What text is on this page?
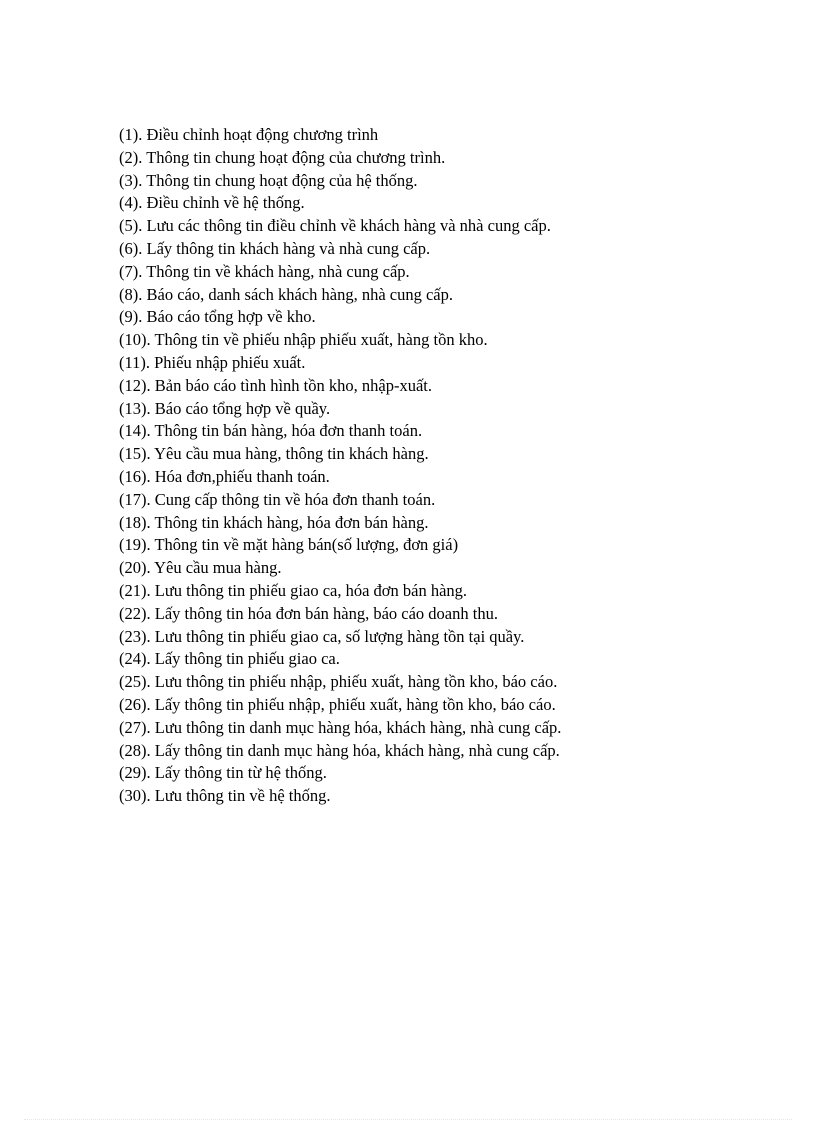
(1). Điều chỉnh hoạt động chương trình
(2). Thông tin chung hoạt động của chương trình.
(3). Thông tin chung hoạt động của hệ thống.
(4). Điều chỉnh về hệ thống.
(5). Lưu các thông tin điều chỉnh về khách hàng và nhà cung cấp.
(6). Lấy thông tin khách hàng và nhà cung cấp.
(7). Thông tin về khách hàng, nhà cung cấp.
(8). Báo cáo, danh sách khách hàng, nhà cung cấp.
(9). Báo cáo tổng hợp về kho.
(10). Thông tin về phiếu nhập phiếu xuất, hàng tồn kho.
(11). Phiếu nhập phiếu xuất.
(12). Bản báo cáo tình hình tồn kho, nhập-xuất.
(13). Báo cáo tổng hợp về quầy.
(14). Thông tin bán hàng, hóa đơn thanh toán.
(15). Yêu cầu mua hàng, thông tin khách hàng.
(16). Hóa đơn,phiếu thanh toán.
(17). Cung cấp thông tin về hóa đơn thanh toán.
(18). Thông tin khách hàng, hóa đơn bán hàng.
(19). Thông tin về mặt hàng bán(số lượng, đơn giá)
(20). Yêu cầu mua hàng.
(21). Lưu thông tin phiếu giao ca, hóa đơn bán hàng.
(22). Lấy thông tin hóa đơn bán hàng, báo cáo doanh thu.
(23). Lưu thông tin phiếu giao ca, số lượng hàng tồn tại quầy.
(24). Lấy thông tin phiếu giao ca.
(25). Lưu thông tin phiếu nhập, phiếu xuất, hàng tồn kho, báo cáo.
(26). Lấy thông tin phiếu nhập, phiếu xuất, hàng tồn kho, báo cáo.
(27). Lưu thông tin danh mục hàng hóa, khách hàng, nhà cung cấp.
(28). Lấy thông tin danh mục hàng hóa, khách hàng, nhà cung cấp.
(29). Lấy thông tin từ hệ thống.
(30). Lưu thông tin về hệ thống.
